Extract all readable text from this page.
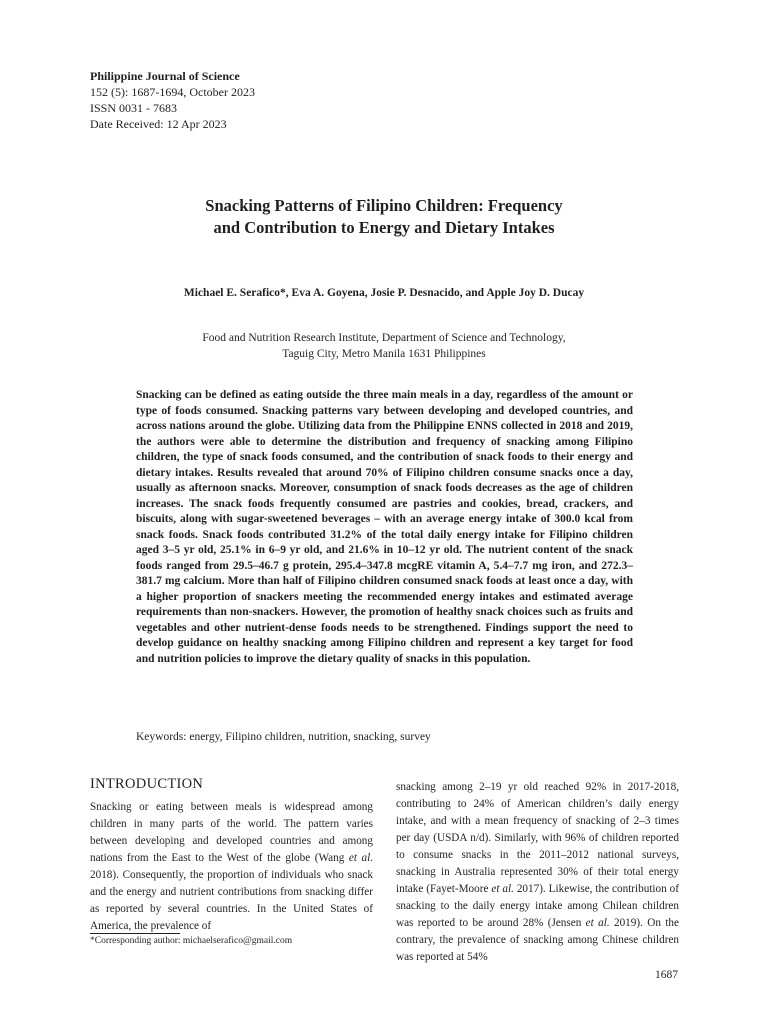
Philippine Journal of Science
152 (5): 1687-1694, October 2023
ISSN 0031 - 7683
Date Received: 12 Apr 2023
Snacking Patterns of Filipino Children: Frequency
and Contribution to Energy and Dietary Intakes
Michael E. Serafico*, Eva A. Goyena, Josie P. Desnacido, and Apple Joy D. Ducay
Food and Nutrition Research Institute, Department of Science and Technology,
Taguig City, Metro Manila 1631 Philippines
Snacking can be defined as eating outside the three main meals in a day, regardless of the amount or type of foods consumed. Snacking patterns vary between developing and developed countries, and across nations around the globe. Utilizing data from the Philippine ENNS collected in 2018 and 2019, the authors were able to determine the distribution and frequency of snacking among Filipino children, the type of snack foods consumed, and the contribution of snack foods to their energy and dietary intakes. Results revealed that around 70% of Filipino children consume snacks once a day, usually as afternoon snacks. Moreover, consumption of snack foods decreases as the age of children increases. The snack foods frequently consumed are pastries and cookies, bread, crackers, and biscuits, along with sugar-sweetened beverages – with an average energy intake of 300.0 kcal from snack foods. Snack foods contributed 31.2% of the total daily energy intake for Filipino children aged 3–5 yr old, 25.1% in 6–9 yr old, and 21.6% in 10–12 yr old. The nutrient content of the snack foods ranged from 29.5–46.7 g protein, 295.4–347.8 mcgRE vitamin A, 5.4–7.7 mg iron, and 272.3–381.7 mg calcium. More than half of Filipino children consumed snack foods at least once a day, with a higher proportion of snackers meeting the recommended energy intakes and estimated average requirements than non-snackers. However, the promotion of healthy snack choices such as fruits and vegetables and other nutrient-dense foods needs to be strengthened. Findings support the need to develop guidance on healthy snacking among Filipino children and represent a key target for food and nutrition policies to improve the dietary quality of snacks in this population.
Keywords: energy, Filipino children, nutrition, snacking, survey
INTRODUCTION

Snacking or eating between meals is widespread among children in many parts of the world. The pattern varies between developing and developed countries and among nations from the East to the West of the globe (Wang et al. 2018). Consequently, the proportion of individuals who snack and the energy and nutrient contributions from snacking differ as reported by several countries. In the United States of America, the prevalence of

*Corresponding author: michaelserafico@gmail.com

snacking among 2–19 yr old reached 92% in 2017-2018, contributing to 24% of American children’s daily energy intake, and with a mean frequency of snacking of 2–3 times per day (USDA n/d). Similarly, with 96% of children reported to consume snacks in the 2011–2012 national surveys, snacking in Australia represented 30% of their total energy intake (Fayet-Moore et al. 2017). Likewise, the contribution of snacking to the daily energy intake among Chilean children was reported to be around 28% (Jensen et al. 2019). On the contrary, the prevalence of snacking among Chinese children was reported at 54%

1687
